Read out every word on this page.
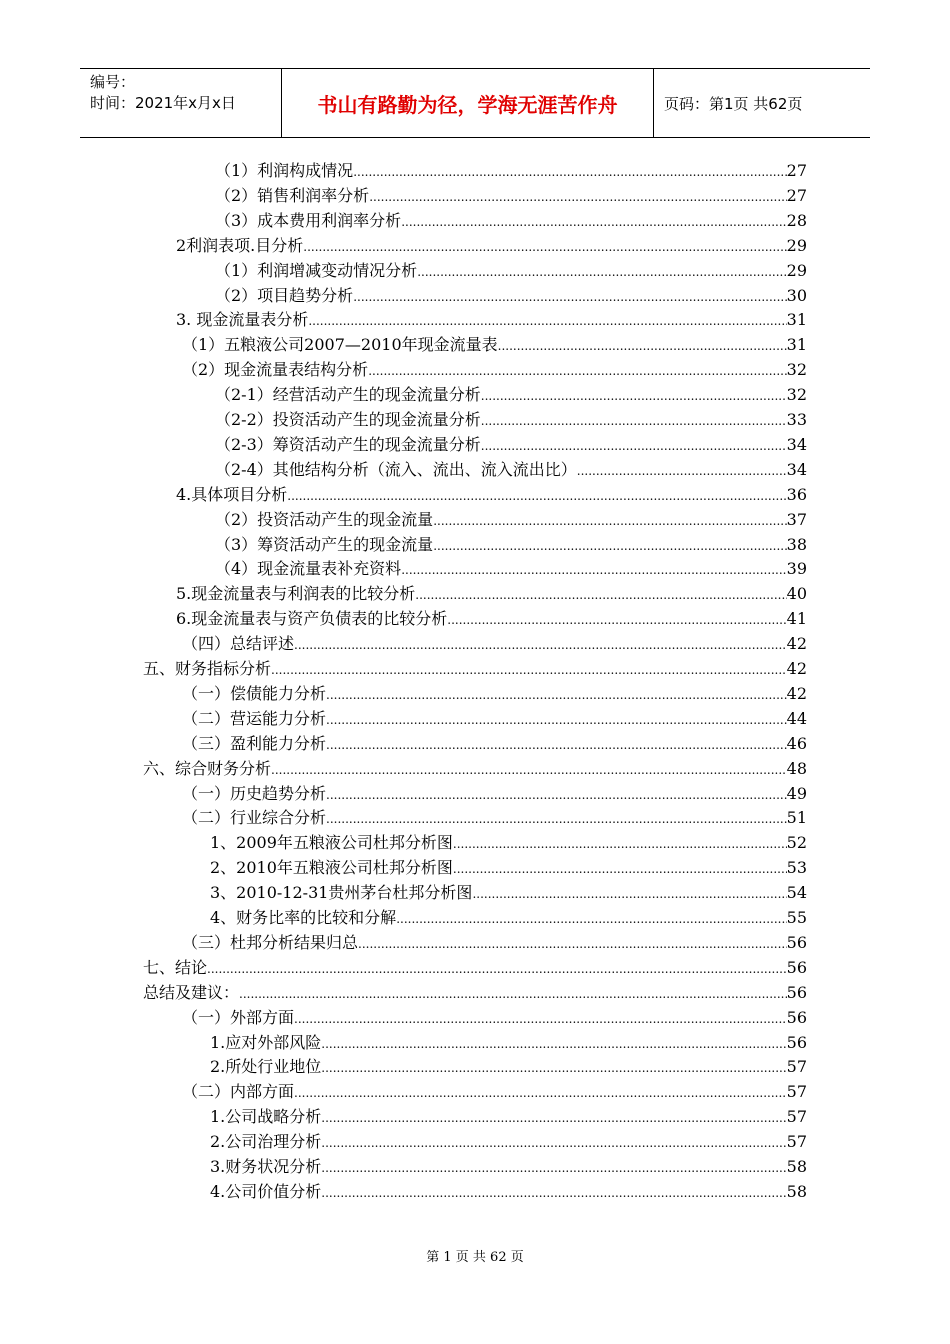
编号：
时间：2021年x月x日	书山有路勤为径，学海无涯苦作舟	页码：第1页 共62页
（1）利润构成情况 .....	27
（2）销售利润率分析 .....	27
（3）成本费用利润率分析 .....	28
2利润表项.目分析 .....	29
（1）利润增减变动情况分析 .....	29
（2）项目趋势分析 .....	30
3. 现金流量表分析 .....	31
（1）五粮液公司2007—2010年现金流量表 .....	31
（2）现金流量表结构分析 .....	32
（2-1）经营活动产生的现金流量分析 .....	32
（2-2）投资活动产生的现金流量分析 .....	33
（2-3）筹资活动产生的现金流量分析 .....	34
（2-4）其他结构分析（流入、流出、流入流出比） .....	34
4.具体项目分析 .....	36
（2）投资活动产生的现金流量 .....	37
（3）筹资活动产生的现金流量 .....	38
（4）现金流量表补充资料 .....	39
5.现金流量表与利润表的比较分析 .....	40
6.现金流量表与资产负债表的比较分析 .....	41
（四）总结评述 .....	42
五、财务指标分析 .....	42
（一）偿债能力分析 .....	42
（二）营运能力分析 .....	44
（三）盈利能力分析 .....	46
六、综合财务分析 .....	48
（一）历史趋势分析 .....	49
（二）行业综合分析 .....	51
1、2009年五粮液公司杜邦分析图 .....	52
2、2010年五粮液公司杜邦分析图 .....	53
3、2010-12-31贵州茅台杜邦分析图 .....	54
4、财务比率的比较和分解 .....	55
（三）杜邦分析结果归总 .....	56
七、结论 .....	56
总结及建议： .....	56
（一）外部方面 .....	56
1.应对外部风险 .....	56
2.所处行业地位 .....	57
（二）内部方面 .....	57
1.公司战略分析 .....	57
2.公司治理分析 .....	57
3.财务状况分析 .....	58
4.公司价值分析 .....	58
第 1 页 共 62 页
